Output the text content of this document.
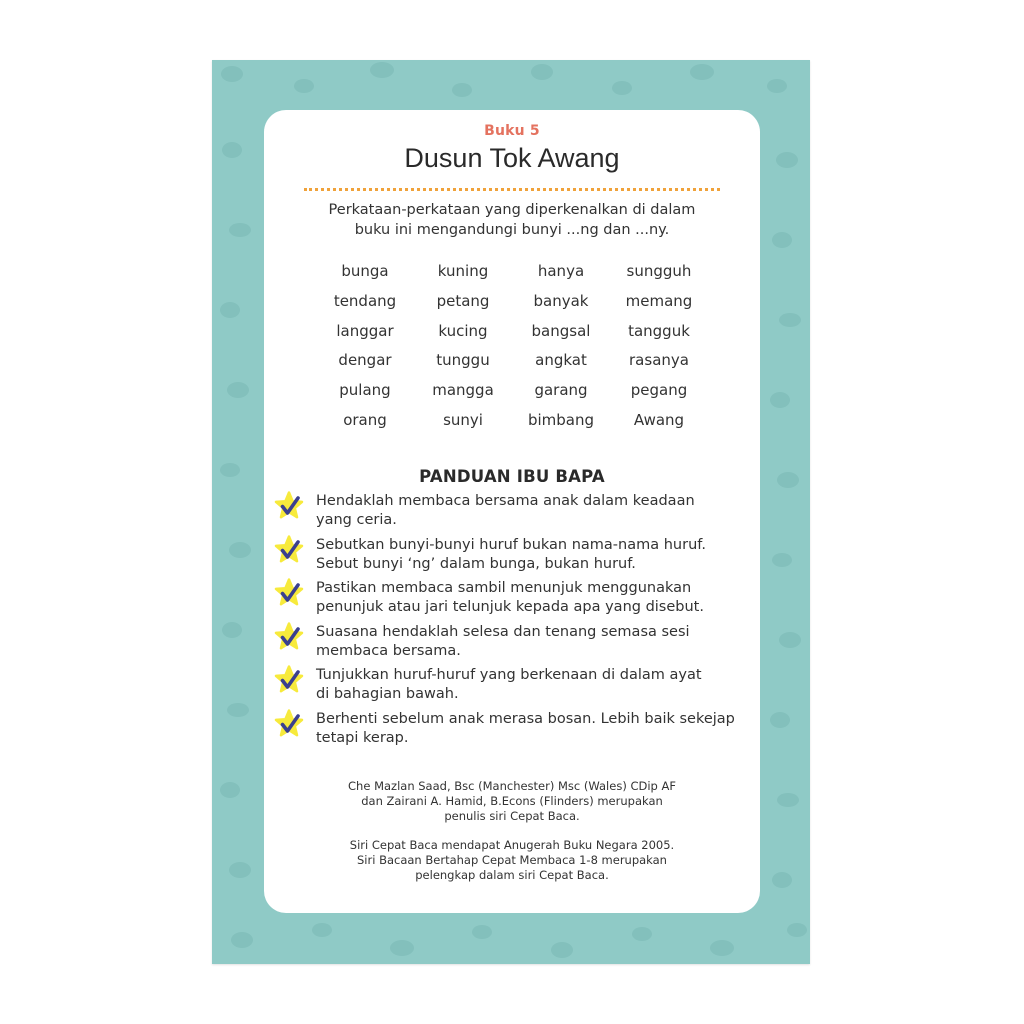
Buku 5
Dusun Tok Awang
Perkataan-perkataan yang diperkenalkan di dalam
buku ini mengandungi bunyi ...ng dan ...ny.
bunga	kuning	hanya	sungguh
tendang	petang	banyak	memang
langgar	kucing	bangsal	tangguk
dengar	tunggu	angkat	rasanya
pulang	mangga	garang	pegang
orang	sunyi	bimbang	Awang
PANDUAN IBU BAPA
Hendaklah membaca bersama anak dalam keadaan
yang ceria.
Sebutkan bunyi-bunyi huruf bukan nama-nama huruf.
Sebut bunyi ‘ng’ dalam bunga, bukan huruf.
Pastikan membaca sambil menunjuk menggunakan
penunjuk atau jari telunjuk kepada apa yang disebut.
Suasana hendaklah selesa dan tenang semasa sesi
membaca bersama.
Tunjukkan huruf-huruf yang berkenaan di dalam ayat
di bahagian bawah.
Berhenti sebelum anak merasa bosan. Lebih baik sekejap
tetapi kerap.
Che Mazlan Saad, Bsc (Manchester) Msc (Wales) CDip AF
dan Zairani A. Hamid, B.Econs (Flinders) merupakan
penulis siri Cepat Baca.
Siri Cepat Baca mendapat Anugerah Buku Negara 2005.
Siri Bacaan Bertahap Cepat Membaca 1-8 merupakan
pelengkap dalam siri Cepat Baca.
